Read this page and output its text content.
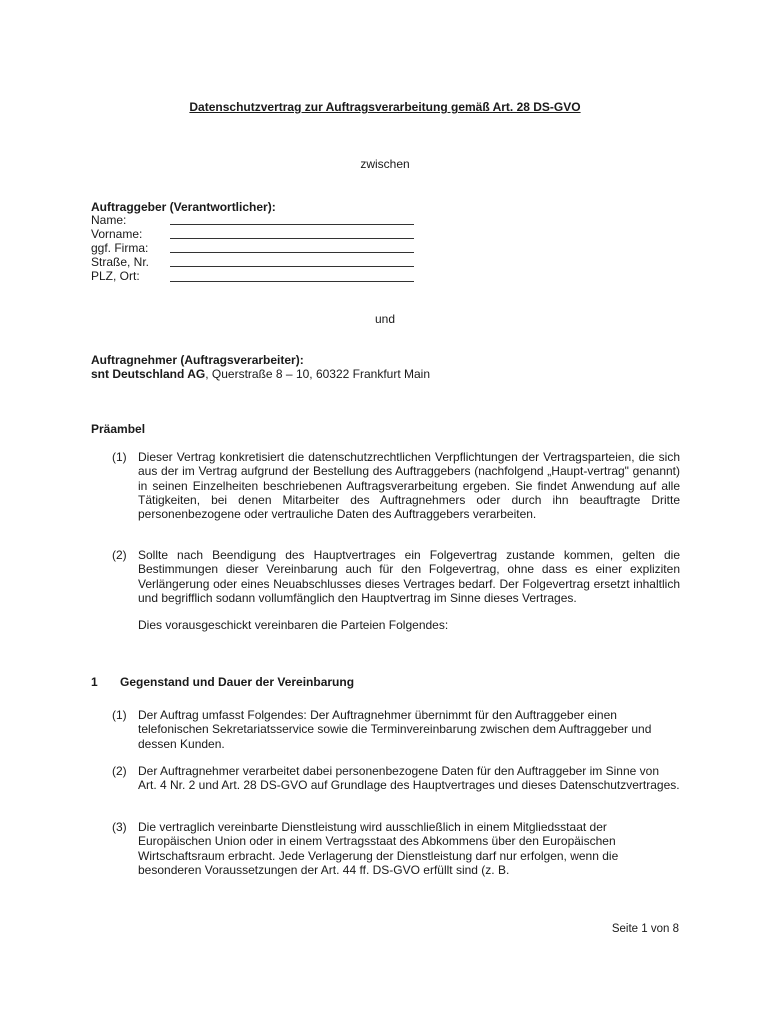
Datenschutzvertrag zur Auftragsverarbeitung gemäß Art. 28 DS-GVO
zwischen
Auftraggeber (Verantwortlicher):
Name:
Vorname:
ggf. Firma:
Straße, Nr.
PLZ, Ort:
und
Auftragnehmer (Auftragsverarbeiter):
snt Deutschland AG, Querstraße 8 – 10, 60322 Frankfurt Main
Präambel
(1) Dieser Vertrag konkretisiert die datenschutzrechtlichen Verpflichtungen der Vertragsparteien, die sich aus der im Vertrag aufgrund der Bestellung des Auftraggebers (nachfolgend „Haupt-vertrag" genannt) in seinen Einzelheiten beschriebenen Auftragsverarbeitung ergeben. Sie findet Anwendung auf alle Tätigkeiten, bei denen Mitarbeiter des Auftragnehmers oder durch ihn beauftragte Dritte personenbezogene oder vertrauliche Daten des Auftraggebers verarbeiten.
(2) Sollte nach Beendigung des Hauptvertrages ein Folgevertrag zustande kommen, gelten die Bestimmungen dieser Vereinbarung auch für den Folgevertrag, ohne dass es einer expliziten Verlängerung oder eines Neuabschlusses dieses Vertrages bedarf. Der Folgevertrag ersetzt inhaltlich und begrifflich sodann vollumfänglich den Hauptvertrag im Sinne dieses Vertrages.
Dies vorausgeschickt vereinbaren die Parteien Folgendes:
1 Gegenstand und Dauer der Vereinbarung
(1) Der Auftrag umfasst Folgendes: Der Auftragnehmer übernimmt für den Auftraggeber einen telefonischen Sekretariatsservice sowie die Terminvereinbarung zwischen dem Auftraggeber und dessen Kunden.
(2) Der Auftragnehmer verarbeitet dabei personenbezogene Daten für den Auftraggeber im Sinne von Art. 4 Nr. 2 und Art. 28 DS-GVO auf Grundlage des Hauptvertrages und dieses Datenschutzvertrages.
(3) Die vertraglich vereinbarte Dienstleistung wird ausschließlich in einem Mitgliedsstaat der Europäischen Union oder in einem Vertragsstaat des Abkommens über den Europäischen Wirtschaftsraum erbracht. Jede Verlagerung der Dienstleistung darf nur erfolgen, wenn die besonderen Voraussetzungen der Art. 44 ff. DS-GVO erfüllt sind (z. B.
Seite 1 von 8
